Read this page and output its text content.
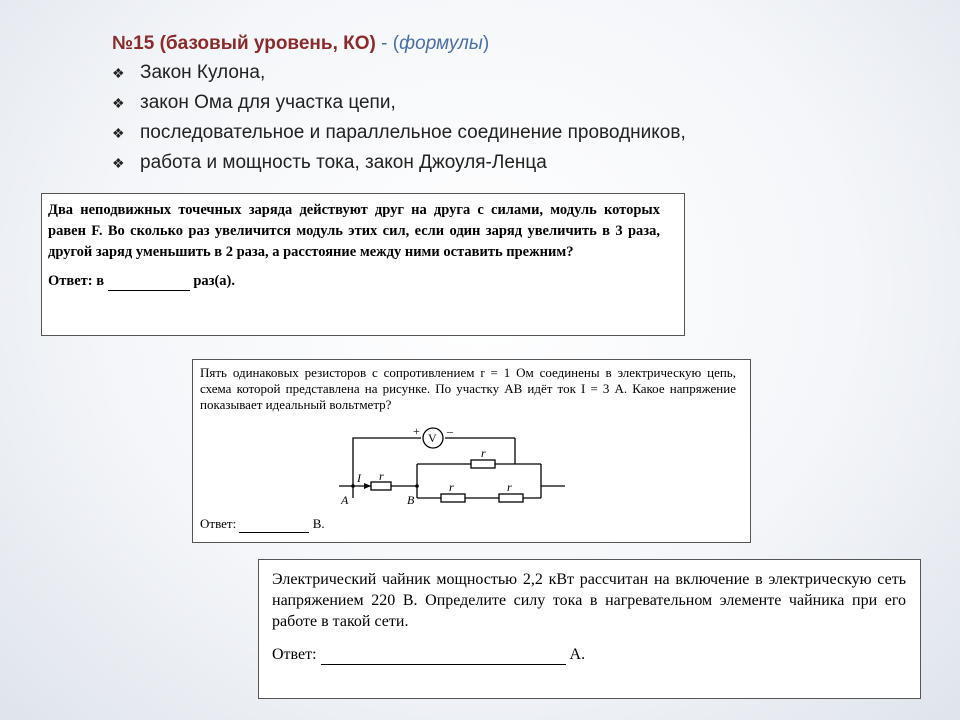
№15 (базовый уровень, КО) - (формулы)
❖ Закон Кулона,
❖ закон Ома для участка цепи,
❖ последовательное и параллельное соединение проводников,
❖ работа и мощность тока, закон Джоуля-Ленца

Два неподвижных точечных заряда действуют друг на друга с силами, модуль которых равен F. Во сколько раз увеличится модуль этих сил, если один заряд увеличить в 3 раза, другой заряд уменьшить в 2 раза, а расстояние между ними оставить прежним?

Ответ: в	раз(а).

Пять одинаковых резисторов с сопротивлением r = 1 Ом соединены в электрическую цепь, схема которой представлена на рисунке. По участку AB идёт ток I = 3 А. Какое напряжение показывает идеальный вольтметр?

+ V –
I r
r
r	r
A	B
Ответ:	В.

Электрический чайник мощностью 2,2 кВт рассчитан на включение в электрическую сеть напряжением 220 В. Определите силу тока в нагревательном элементе чайника при его работе в такой сети.

Ответ:	А.
